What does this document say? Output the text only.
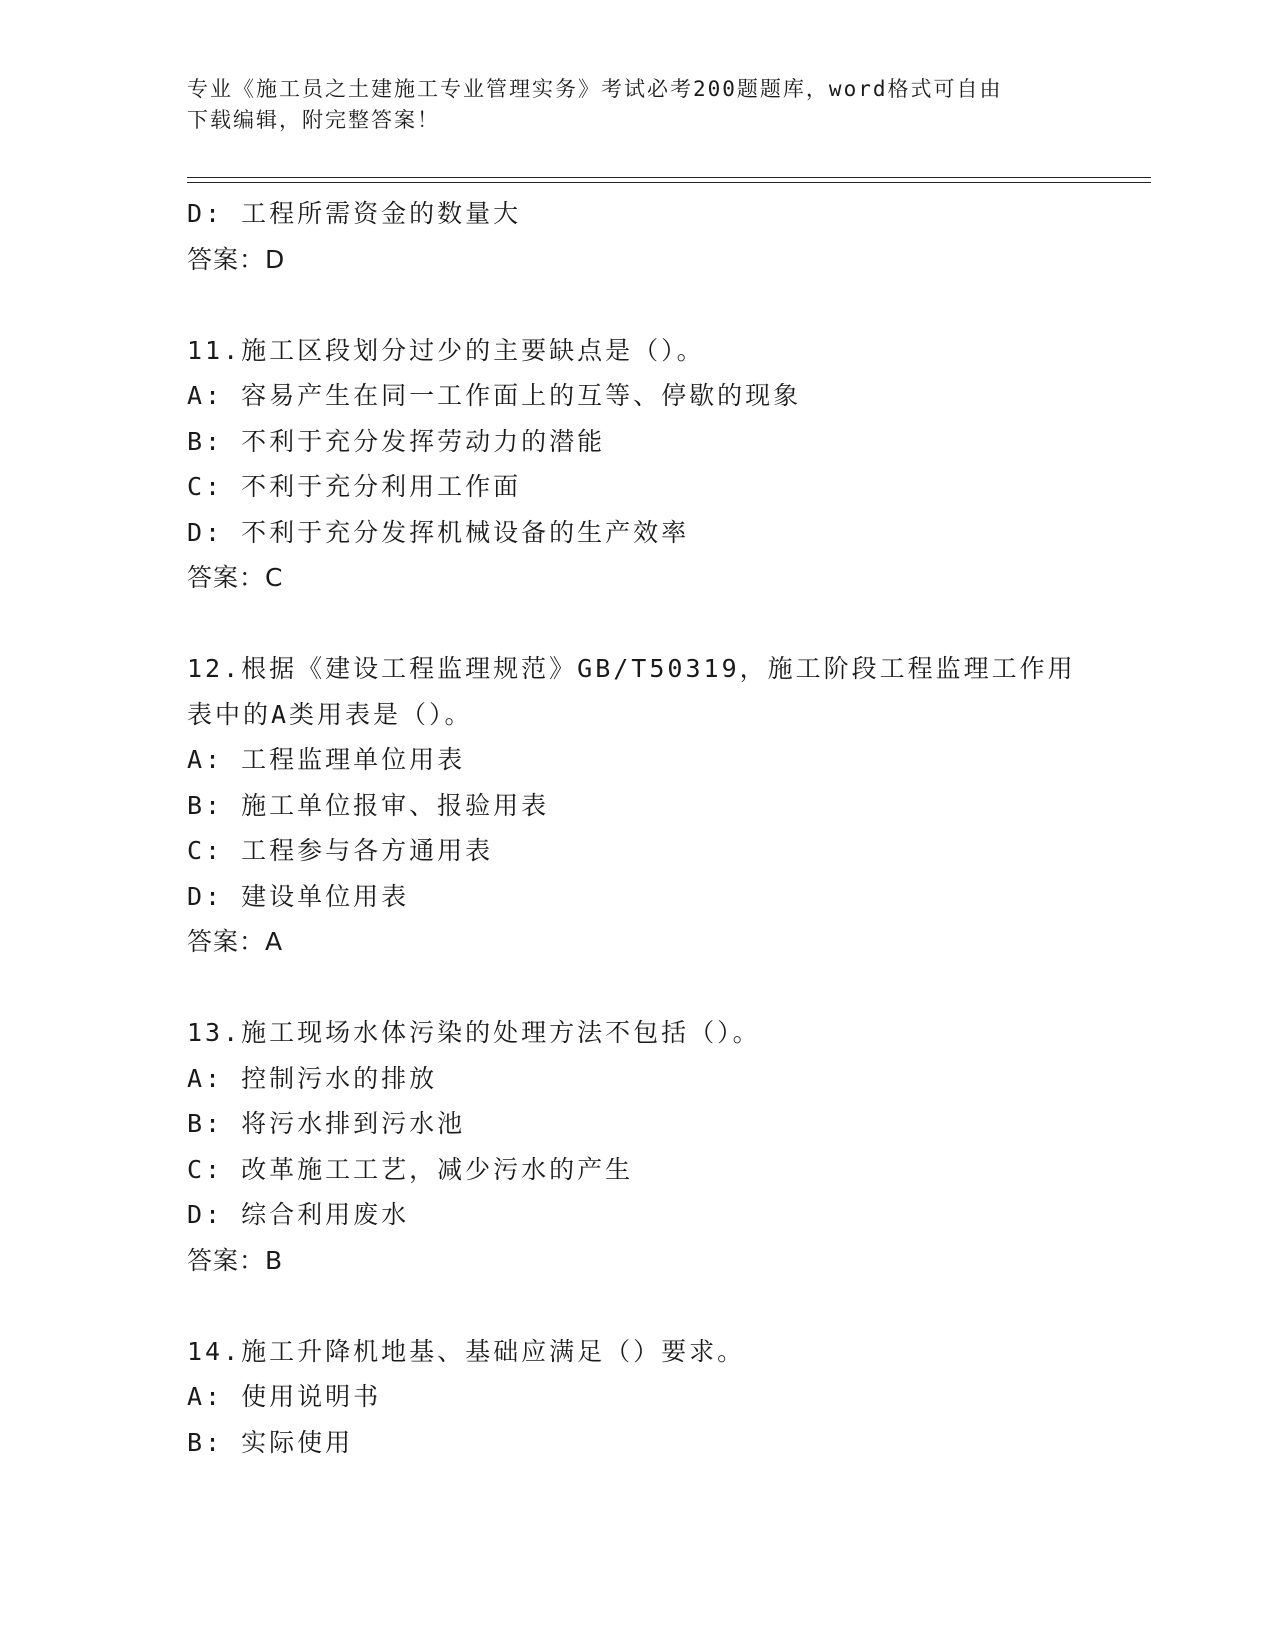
专业《施工员之土建施工专业管理实务》考试必考200题题库，word格式可自由
下载编辑，附完整答案！
D: 工程所需资金的数量大
答案：D
11.施工区段划分过少的主要缺点是（）。
A: 容易产生在同一工作面上的互等、停歇的现象
B: 不利于充分发挥劳动力的潜能
C: 不利于充分利用工作面
D: 不利于充分发挥机械设备的生产效率
答案：C
12.根据《建设工程监理规范》GB/T50319，施工阶段工程监理工作用
表中的A类用表是（）。
A: 工程监理单位用表
B: 施工单位报审、报验用表
C: 工程参与各方通用表
D: 建设单位用表
答案：A
13.施工现场水体污染的处理方法不包括（）。
A: 控制污水的排放
B: 将污水排到污水池
C: 改革施工工艺，减少污水的产生
D: 综合利用废水
答案：B
14.施工升降机地基、基础应满足（）要求。
A: 使用说明书
B: 实际使用
